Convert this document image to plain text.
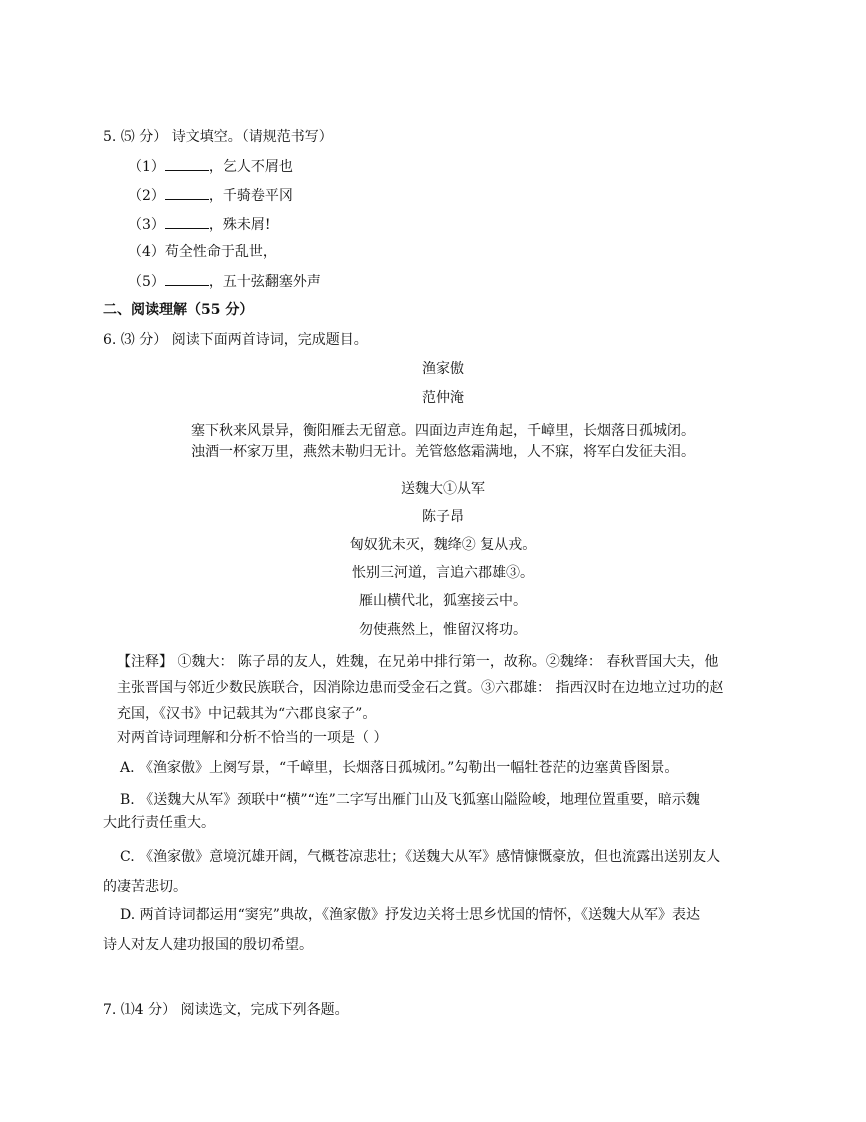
5. ⑸ 分） 诗文填空。（请规范书写）
（1）	，乞人不屑也
（2）	，千骑卷平冈
（3）	，殊未屑!
（4）苟全性命于乱世，
（5）	，五十弦翻塞外声
二、阅读理解（55 分）
6. ⑶ 分） 阅读下面两首诗词，完成题目。
渔家傲
范仲淹
塞下秋来风景异，衡阳雁去无留意。四面边声连角起，千嶂里，长烟落日孤城闭。
浊酒一杯家万里，燕然未勒归无计。羌管悠悠霜满地，人不寐，将军白发征夫泪。
送魏大①从军
陈子昂
匈奴犹未灭，魏绛② 复从戎。
怅别三河道，言追六郡雄③。
雁山横代北，狐塞接云中。
勿使燕然上，惟留汉将功。
【注释】 ①魏大： 陈子昂的友人，姓魏，在兄弟中排行第一，故称。②魏绛： 春秋晋国大夫，他
主张晋国与邻近少数民族联合，因消除边患而受金石之賞。③六郡雄： 指西汉时在边地立过功的赵
充国，《汉书》中记载其为“六郡良家子”。
对两首诗词理解和分析不恰当的一项是（ ）
A. 《渔家傲》上阕写景，“千嶂里，长烟落日孤城闭。”勾勒出一幅牡苍茫的边塞黄昏图景。
B. 《送魏大从军》颈联中“横”“连”二字写出雁门山及飞狐塞山隘险峻，地理位置重要，暗示魏
大此行责任重大。
C. 《渔家傲》意境沉雄开阔，气概苍凉悲壮；《送魏大从军》感情慷慨豪放，但也流露出送别友人
的凄苦悲切。
D. 两首诗词都运用“窦宪”典故，《渔家傲》抒发边关将士思乡忧国的情怀，《送魏大从军》表达
诗人对友人建功报国的殷切希望。
7. ⑴4 分） 阅读选文，完成下列各题。
